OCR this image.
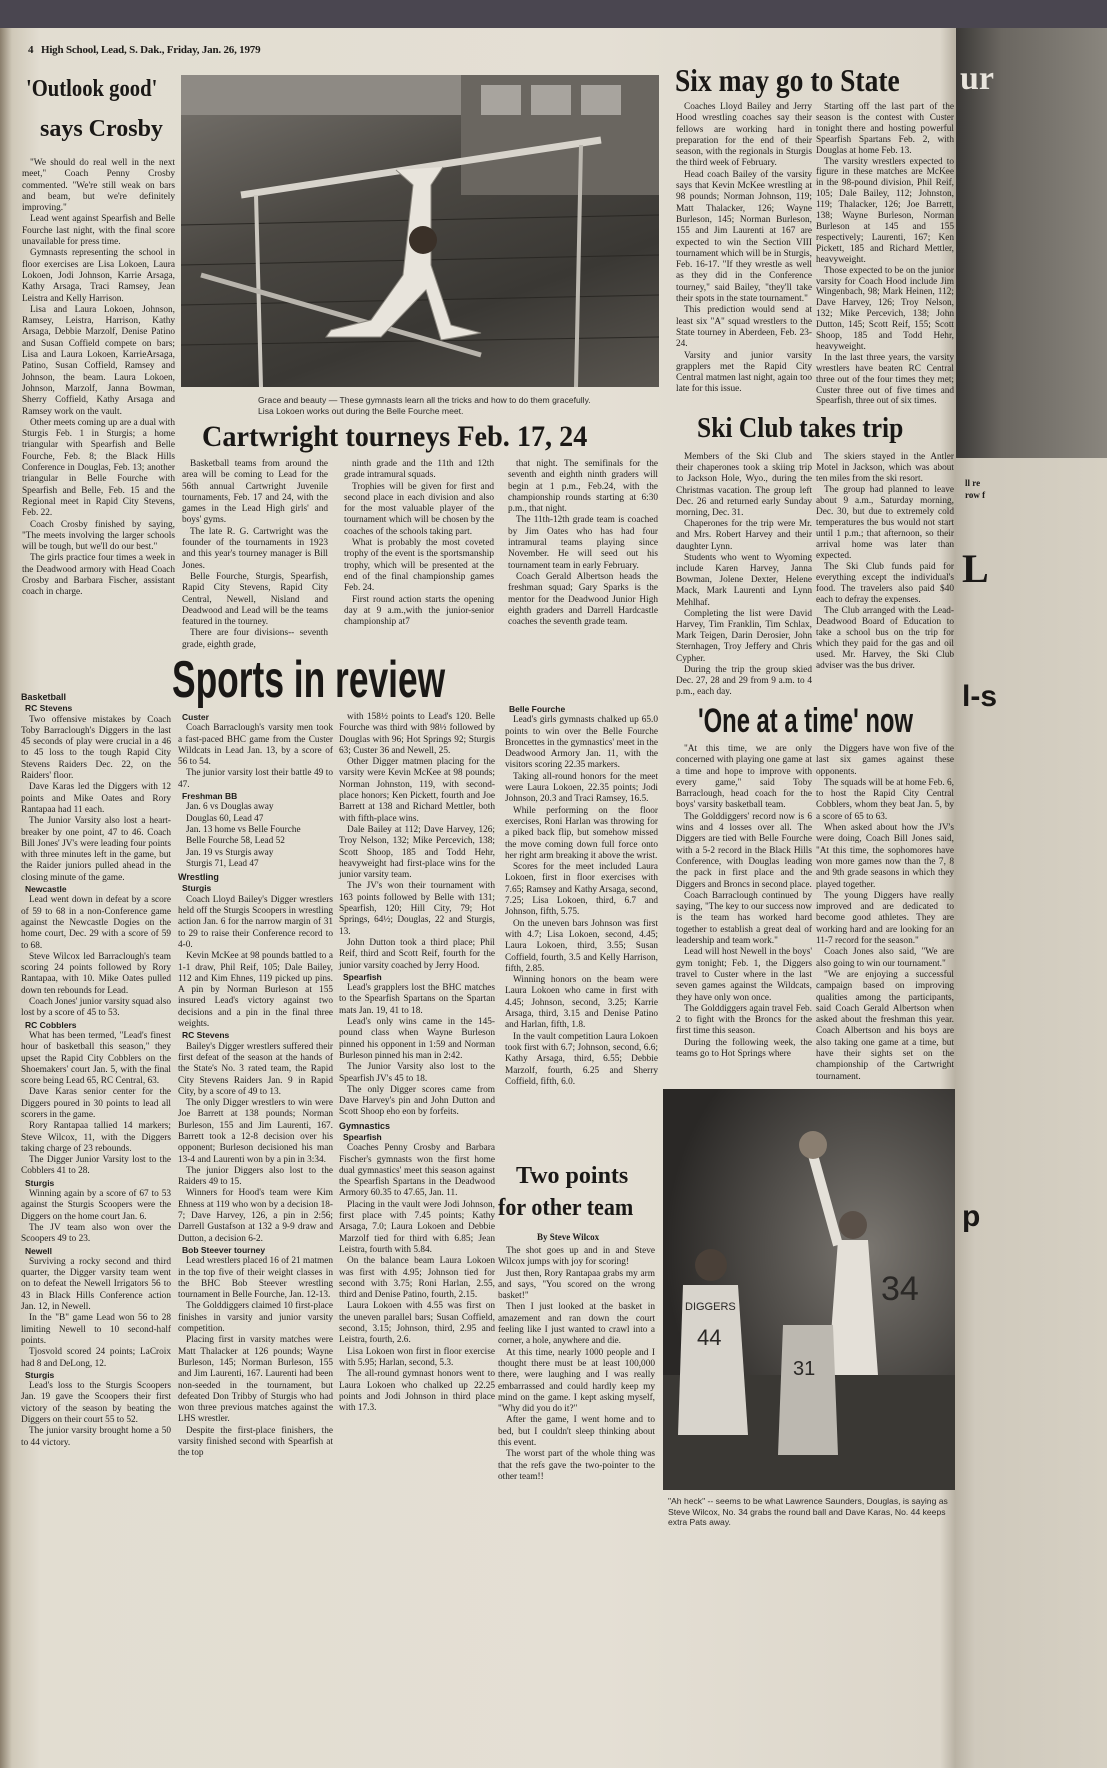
4 High School, Lead, S. Dak., Friday, Jan. 26, 1979
'Outlook good'
says Crosby

"We should do real well in the next meet," Coach Penny Crosby commented. "We're still weak on bars and beam, but we're definitely improving."

Lead went against Spearfish and Belle Fourche last night, with the final score unavailable for press time.

Gymnasts representing the school in floor exercises are Lisa Lokoen, Laura Lokoen, Jodi Johnson, Karrie Arsaga, Kathy Arsaga, Traci Ramsey, Jean Leistra and Kelly Harrison.

Lisa and Laura Lokoen, Johnson, Ramsey, Leistra, Harrison, Kathy Arsaga, Debbie Marzolf, Denise Patino and Susan Coffield compete on bars; Lisa and Laura Lokoen, KarrieArsaga, Patino, Susan Coffield, Ramsey and Johnson, the beam. Laura Lokoen, Johnson, Marzolf, Janna Bowman, Sherry Coffield, Kathy Arsaga and Ramsey work on the vault.

Other meets coming up are a dual with Sturgis Feb. 1 in Sturgis; a home triangular with Spearfish and Belle Fourche, Feb. 8; the Black Hills Conference in Douglas, Feb. 13; another triangular in Belle Fourche with Spearfish and Belle, Feb. 15 and the Regional meet in Rapid City Stevens, Feb. 22.

Coach Crosby finished by saying, "The meets involving the larger schools will be tough, but we'll do our best."

The girls practice four times a week in the Deadwood armory with Head Coach Crosby and Barbara Fischer, assistant coach in charge.

Grace and beauty — These gymnasts learn all the tricks and how to do them gracefully.
Lisa Lokoen works out during the Belle Fourche meet.
Six may go to State

Coaches Lloyd Bailey and Jerry Hood wrestling coaches say their fellows are working hard in preparation for the end of their season, with the regionals in Sturgis the third week of February.

Head coach Bailey of the varsity says that Kevin McKee wrestling at 98 pounds; Norman Johnson, 119; Matt Thalacker, 126; Wayne Burleson, 145; Norman Burleson, 155 and Jim Laurenti at 167 are expected to win the Section VIII tournament which will be in Sturgis, Feb. 16-17. "If they wrestle as well as they did in the Conference tourney," said Bailey, "they'll take their spots in the state tournament."

This prediction would send at least six "A" squad wrestlers to the State tourney in Aberdeen, Feb. 23-24.

Varsity and junior varsity grapplers met the Rapid City Central matmen last night, again too late for this issue.

Starting off the last part of the season is the contest with Custer tonight there and hosting powerful Spearfish Spartans Feb. 2, with Douglas at home Feb. 13.

The varsity wrestlers expected to figure in these matches are McKee in the 98-pound division, Phil Reif, 105; Dale Bailey, 112; Johnston, 119; Thalacker, 126; Joe Barrett, 138; Wayne Burleson, Norman Burleson at 145 and 155 respectively; Laurenti, 167; Ken Pickett, 185 and Richard Mettler, heavyweight.

Those expected to be on the junior varsity for Coach Hood include Jim Wingenbach, 98; Mark Heinen, 112; Dave Harvey, 126; Troy Nelson, 132; Mike Percevich, 138; John Dutton, 145; Scott Reif, 155; Scott Shoop, 185 and Todd Hehr, heavyweight.

In the last three years, the varsity wrestlers have beaten RC Central three out of the four times they met; Custer three out of five times and Spearfish, three out of six times.

Cartwright tourneys Feb. 17, 24

Basketball teams from around the area will be coming to Lead for the 56th annual Cartwright Juvenile tournaments, Feb. 17 and 24, with the games in the Lead High girls' and boys' gyms.

The late R. G. Cartwright was the founder of the tournaments in 1923 and this year's tourney manager is Bill Jones.

Belle Fourche, Sturgis, Spearfish, Rapid City Stevens, Rapid City Central, Newell, Nisland and Deadwood and Lead will be the teams featured in the tourney.

There are four divisions-- seventh grade, eighth grade,

ninth grade and the 11th and 12th grade intramural squads.

Trophies will be given for first and second place in each division and also for the most valuable player of the tournament which will be chosen by the coaches of the schools taking part.

What is probably the most coveted trophy of the event is the sportsmanship trophy, which will be presented at the end of the final championship games Feb. 24.

First round action starts the opening day at 9 a.m.,with the junior-senior championship at7

that night. The semifinals for the seventh and eighth ninth graders will begin at 1 p.m., Feb.24, with the championship rounds starting at 6:30 p.m., that night.

The 11th-12th grade team is coached by Jim Oates who has had four intramural teams playing since November. He will seed out his tournament team in early February.

Coach Gerald Albertson heads the freshman squad; Gary Sparks is the mentor for the Deadwood Junior High eighth graders and Darrell Hardcastle coaches the seventh grade team.

Ski Club takes trip

Members of the Ski Club and their chaperones took a skiing trip to Jackson Hole, Wyo., during the Christmas vacation. The group left Dec. 26 and returned early Sunday morning, Dec. 31.

Chaperones for the trip were Mr. and Mrs. Robert Harvey and their daughter Lynn.

Students who went to Wyoming include Karen Harvey, Janna Bowman, Jolene Dexter, Helene Mack, Mark Laurenti and Lynn Mehlhaf.

Completing the list were David Harvey, Tim Franklin, Tim Schlax, Mark Teigen, Darin Derosier, John Sternhagen, Troy Jeffery and Chris Cypher.

During the trip the group skied Dec. 27, 28 and 29 from 9 a.m. to 4 p.m., each day.

The skiers stayed in the Antler Motel in Jackson, which was about ten miles from the ski resort.

The group had planned to leave about 9 a.m., Saturday morning, Dec. 30, but due to extremely cold temperatures the bus would not start until 1 p.m.; that afternoon, so their arrival home was later than expected.

The Ski Club funds paid for everything except the individual's food. The travelers also paid $40 each to defray the expenses.

The Club arranged with the Lead-Deadwood Board of Education to take a school bus on the trip for which they paid for the gas and oil used. Mr. Harvey, the Ski Club adviser was the bus driver.

Sports in review
Basketball
RC Stevens

Two offensive mistakes by Coach Toby Barraclough's Diggers in the last 45 seconds of play were crucial in a 46 to 45 loss to the tough Rapid City Stevens Raiders Dec. 22, on the Raiders' floor.

Dave Karas led the Diggers with 12 points and Mike Oates and Rory Rantapaa had 11 each.

The Junior Varsity also lost a heart-breaker by one point, 47 to 46. Coach Bill Jones' JV's were leading four points with three minutes left in the game, but the Raider juniors pulled ahead in the closing minute of the game.

Newcastle

Lead went down in defeat by a score of 59 to 68 in a non-Conference game against the Newcastle Dogies on the home court, Dec. 29 with a score of 59 to 68.

Steve Wilcox led Barraclough's team scoring 24 points followed by Rory Rantapaa, with 10. Mike Oates pulled down ten rebounds for Lead.

Coach Jones' junior varsity squad also lost by a score of 45 to 53.

RC Cobblers

What has been termed, "Lead's finest hour of basketball this season," they upset the Rapid City Cobblers on the Shoemakers' court Jan. 5, with the final score being Lead 65, RC Central, 63.

Dave Karas senior center for the Diggers poured in 30 points to lead all scorers in the game.

Rory Rantapaa tallied 14 markers; Steve Wilcox, 11, with the Diggers taking charge of 23 rebounds.

The Digger Junior Varsity lost to the Cobblers 41 to 28.

Sturgis

Winning again by a score of 67 to 53 against the Sturgis Scoopers were the Diggers on the home court Jan. 6.

The JV team also won over the Scoopers 49 to 23.

Newell

Surviving a rocky second and third quarter, the Digger varsity team went on to defeat the Newell Irrigators 56 to 43 in Black Hills Conference action Jan. 12, in Newell.

In the "B" game Lead won 56 to 28 limiting Newell to 10 second-half points.

Tjosvold scored 24 points; LaCroix had 8 and DeLong, 12.

Sturgis

Lead's loss to the Sturgis Scoopers Jan. 19 gave the Scoopers their first victory of the season by beating the Diggers on their court 55 to 52.

The junior varsity brought home a 50 to 44 victory.

Custer

Coach Barraclough's varsity men took a fast-paced BHC game from the Custer Wildcats in Lead Jan. 13, by a score of 56 to 54.

The junior varsity lost their battle 49 to 47.

Freshman BB

Jan. 6 vs Douglas away

Douglas 60, Lead 47

Jan. 13 home vs Belle Fourche

Belle Fourche 58, Lead 52

Jan. 19 vs Sturgis away

Sturgis 71, Lead 47

Wrestling
Sturgis

Coach Lloyd Bailey's Digger wrestlers held off the Sturgis Scoopers in wrestling action Jan. 6 for the narrow margin of 31 to 29 to raise their Conference record to 4-0.

Kevin McKee at 98 pounds battled to a 1-1 draw, Phil Reif, 105; Dale Bailey, 112 and Kim Ehnes, 119 picked up pins. A pin by Norman Burleson at 155 insured Lead's victory against two decisions and a pin in the final three weights.

RC Stevens

Bailey's Digger wrestlers suffered their first defeat of the season at the hands of the State's No. 3 rated team, the Rapid City Stevens Raiders Jan. 9 in Rapid City, by a score of 49 to 13.

The only Digger wrestlers to win were Joe Barrett at 138 pounds; Norman Burleson, 155 and Jim Laurenti, 167. Barrett took a 12-8 decision over his opponent; Burleson decisioned his man 13-4 and Laurenti won by a pin in 3:34.

The junior Diggers also lost to the Raiders 49 to 15.

Winners for Hood's team were Kim Ehness at 119 who won by a decision 18-7; Dave Harvey, 126, a pin in 2:56; Darrell Gustafson at 132 a 9-9 draw and Dutton, a decision 6-2.

Bob Steever tourney

Lead wrestlers placed 16 of 21 matmen in the top five of their weight classes in the BHC Bob Steever wrestling tournament in Belle Fourche, Jan. 12-13.

The Golddiggers claimed 10 first-place finishes in varsity and junior varsity competition.

Placing first in varsity matches were Matt Thalacker at 126 pounds; Wayne Burleson, 145; Norman Burleson, 155 and Jim Laurenti, 167. Laurenti had been non-seeded in the tournament, but defeated Don Tribby of Sturgis who had won three previous matches against the LHS wrestler.

Despite the first-place finishers, the varsity finished second with Spearfish at the top

with 158½ points to Lead's 120. Belle Fourche was third with 98½ followed by Douglas with 96; Hot Springs 92; Sturgis 63; Custer 36 and Newell, 25.

Other Digger matmen placing for the varsity were Kevin McKee at 98 pounds; Norman Johnston, 119, with second-place honors; Ken Pickett, fourth and Joe Barrett at 138 and Richard Mettler, both with fifth-place wins.

Dale Bailey at 112; Dave Harvey, 126; Troy Nelson, 132; Mike Percevich, 138; Scott Shoop, 185 and Todd Hehr, heavyweight had first-place wins for the junior varsity team.

The JV's won their tournament with 163 points followed by Belle with 131; Spearfish, 120; Hill City, 79; Hot Springs, 64½; Douglas, 22 and Sturgis, 13.

John Dutton took a third place; Phil Reif, third and Scott Reif, fourth for the junior varsity coached by Jerry Hood.

Spearfish

Lead's grapplers lost the BHC matches to the Spearfish Spartans on the Spartan mats Jan. 19, 41 to 18.

Lead's only wins came in the 145-pound class when Wayne Burleson pinned his opponent in 1:59 and Norman Burleson pinned his man in 2:42.

The Junior Varsity also lost to the Spearfish JV's 45 to 18.

The only Digger scores came from Dave Harvey's pin and John Dutton and Scott Shoop eho eon by forfeits.

Gymnastics
Spearfish

Coaches Penny Crosby and Barbara Fischer's gymnasts won the first home dual gymnastics' meet this season against the Spearfish Spartans in the Deadwood Armory 60.35 to 47.65, Jan. 11.

Placing in the vault were Jodi Johnson, first place with 7.45 points; Kathy Arsaga, 7.0; Laura Lokoen and Debbie Marzolf tied for third with 6.85; Jean Leistra, fourth with 5.84.

On the balance beam Laura Lokoen was first with 4.95; Johnson tied for second with 3.75; Roni Harlan, 2.55, third and Denise Patino, fourth, 2.15.

Laura Lokoen with 4.55 was first on the uneven parallel bars; Susan Coffield, second, 3.15; Johnson, third, 2.95 and Leistra, fourth, 2.6.

Lisa Lokoen won first in floor exercise with 5.95; Harlan, second, 5.3.

The all-round gymnast honors went to Laura Lokoen who chalked up 22.25 points and Jodi Johnson in third place with 17.3.

Belle Fourche

Lead's girls gymnasts chalked up 65.0 points to win over the Belle Fourche Broncettes in the gymnastics' meet in the Deadwood Armory Jan. 11, with the visitors scoring 22.35 markers.

Taking all-round honors for the meet were Laura Lokoen, 22.35 points; Jodi Johnson, 20.3 and Traci Ramsey, 16.5.

While performing on the floor exercises, Roni Harlan was throwing for a piked back flip, but somehow missed the move coming down full force onto her right arm breaking it above the wrist.

Scores for the meet included Laura Lokoen, first in floor exercises with 7.65; Ramsey and Kathy Arsaga, second, 7.25; Lisa Lokoen, third, 6.7 and Johnson, fifth, 5.75.

On the uneven bars Johnson was first with 4.7; Lisa Lokoen, second, 4.45; Laura Lokoen, third, 3.55; Susan Coffield, fourth, 3.5 and Kelly Harrison, fifth, 2.85.

Winning honors on the beam were Laura Lokoen who came in first with 4.45; Johnson, second, 3.25; Karrie Arsaga, third, 3.15 and Denise Patino and Harlan, fifth, 1.8.

In the vault competition Laura Lokoen took first with 6.7; Johnson, second, 6.6; Kathy Arsaga, third, 6.55; Debbie Marzolf, fourth, 6.25 and Sherry Coffield, fifth, 6.0.

'One at a time' now

"At this time, we are only concerned with playing one game at a time and hope to improve with every game," said Toby Barraclough, head coach for the boys' varsity basketball team.

The Golddiggers' record now is 6 wins and 4 losses over all. The Diggers are tied with Belle Fourche with a 5-2 record in the Black Hills Conference, with Douglas leading the pack in first place and the Diggers and Broncs in second place.

Coach Barraclough continued by saying, "The key to our success now is the team has worked hard together to establish a great deal of leadership and team work."

Lead will host Newell in the boys' gym tonight; Feb. 1, the Diggers travel to Custer where in the last seven games against the Wildcats, they have only won once.

The Golddiggers again travel Feb. 2 to fight with the Broncs for the first time this season.

During the following week, the teams go to Hot Springs where

the Diggers have won five of the last six games against these opponents.

The squads will be at home Feb. 6, to host the Rapid City Central Cobblers, whom they beat Jan. 5, by a score of 65 to 63.

When asked about how the JV's were doing, Coach Bill Jones said, "At this time, the sophomores have won more games now than the 7, 8 and 9th grade seasons in which they played together.

The young Diggers have really improved and are dedicated to become good athletes. They are working hard and are looking for an 11-7 record for the season."

Coach Jones also said, "We are also going to win our tournament."

"We are enjoying a successful campaign based on improving qualities among the participants, said Coach Gerald Albertson when asked about the freshman this year. Coach Albertson and his boys are also taking one game at a time, but have their sights set on the championship of the Cartwright tournament.

Two points
for other team
By Steve Wilcox

The shot goes up and in and Steve Wilcox jumps with joy for scoring!

Just then, Rory Rantapaa grabs my arm and says, "You scored on the wrong basket!"

Then I just looked at the basket in amazement and ran down the court feeling like I just wanted to crawl into a corner, a hole, anywhere and die.

At this time, nearly 1000 people and I thought there must be at least 100,000 there, were laughing and I was really embarrassed and could hardly keep my mind on the game. I kept asking myself, "Why did you do it?"

After the game, I went home and to bed, but I couldn't sleep thinking about this event.

The worst part of the whole thing was that the refs gave the two-pointer to the other team!!

34
DIGGERS
44
31
"Ah heck" -- seems to be what Lawrence Saunders, Douglas, is saying as Steve Wilcox, No. 34 grabs the round ball and Dave Karas, No. 44 keeps extra Pats away.
ur
ll re
row f
L
l-s
p
